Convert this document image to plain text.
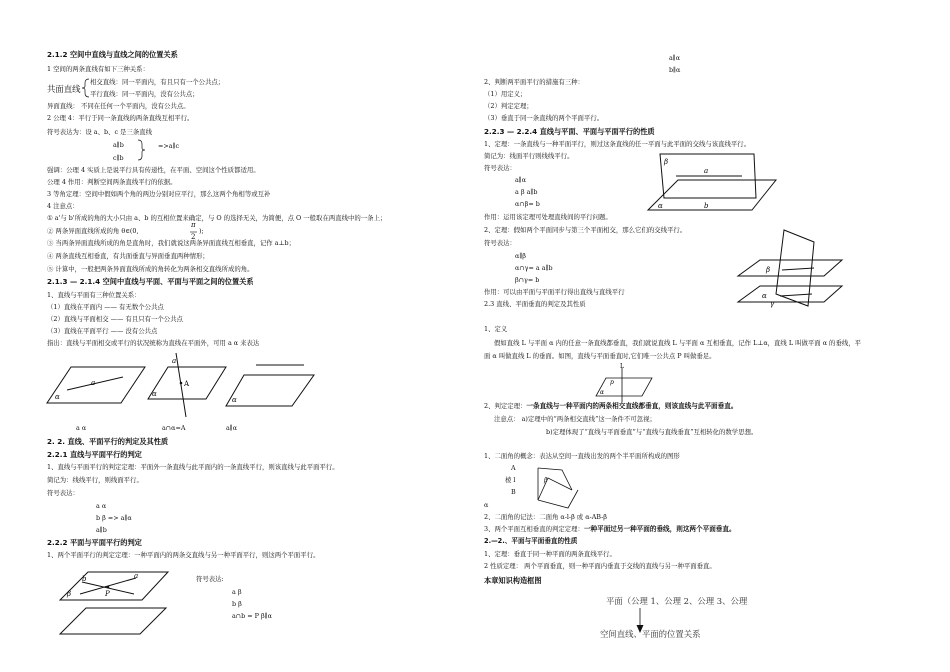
2.1.2 空间中直线与直线之间的位置关系
1 空间的两条直线有如下三种关系：
共面直线
相交直线：同一平面内，有且只有一个公共点；
平行直线：同一平面内，没有公共点；
异面直线： 不同在任何一个平面内，没有公共点。
2 公理 4：平行于同一条直线的两条直线互相平行。
符号表达为：设 a、b、c 是三条直线
a∥b
c∥b
=>a∥c
强调：公理 4 实质上是说平行具有传递性，在平面、空间这个性质都适用。
公理 4 作用：判断空间两条直线平行的依据。
3 等角定理：空间中假如两个角的两边分别对应平行，那么这两个角相等或互补
4 注意点：
① a'与 b'所成的角的大小只由 a、b 的互相位置来确定，与 O 的选择无关，为简便，点 O 一般取在两直线中的一条上；
② 两条异面直线所成的角 θ∈(0,
π
2
);
③ 当两条异面直线所成的角是直角时，我们就说这两条异面直线互相垂直，记作 a⊥b；
④ 两条直线互相垂直，有共面垂直与异面垂直两种情形；
⑤ 计算中，一般把两条异面直线所成的角转化为两条相交直线所成的角。
2.1.3 — 2.1.4 空间中直线与平面、平面与平面之间的位置关系
1、直线与平面有三种位置关系：
（1）直线在平面内 —— 有无数个公共点
（2）直线与平面相交 —— 有且只有一个公共点
（3）直线在平面平行 —— 没有公共点
指出：直线与平面相交或平行的状况统称为直线在平面外，可用 a α 来表达
a
α
a
A
α
α
a α	a∩α=A	a∥α
2. 2. 直线、平面平行的判定及其性质
2.2.1 直线与平面平行的判定
1、直线与平面平行的判定定理：平面外一条直线与此平面内的一条直线平行，则该直线与此平面平行。
简记为：线线平行，则线面平行。
符号表达：
a α
b β => a∥α
a∥b
2.2.2 平面与平面平行的判定
1、两个平面平行的判定定理：一种平面内的两条交直线与另一种平面平行，则这两个平面平行。
a
b
P
β
符号表达:
a β
b β
a∩b = P β∥α
a∥α
b∥α
2、判断两平面平行的措施有三种：
（1）用定义；
（2）判定定理；
（3）垂直于同一条直线的两个平面平行。
2.2.3 — 2.2.4 直线与平面、平面与平面平行的性质
1、定理：一条直线与一种平面平行，则过这条直线的任一平面与此平面的交线与该直线平行。
简记为：线面平行则线线平行。
符号表达：
a∥α
a β a∥b
α∩β= b
作用：运用该定理可处理直线间的平行问题。
2、定理：假如两个平面同步与第三个平面相交，那么它们的交线平行。
符号表达：
α∥β
α∩γ= a a∥b
β∩γ= b
作用：可以由平面与平面平行得出直线与直线平行
2.3 直线、平面垂直的判定及其性质
β
a
b
α
β
α
γ
1、定义
假如直线 L 与平面 α 内的任意一条直线都垂直，我们就说直线 L 与平面 α 互相垂直，记作 L⊥α，直线 L 叫做平面 α 的垂线，平
面 α 叫做直线 L 的垂面。如图，直线与平面垂直时,它们唯一公共点 P 叫做垂足。
L
p
α
2、判定定理：一条直线与一种平面内的两条相交直线都垂直，则该直线与此平面垂直。
注意点： a)定理中的“两条相交直线”这一条件不可忽视；
b)定理体现了“直线与平面垂直”与“直线与直线垂直”互相转化的数学思想。
1、二面角的概念：表达从空间一直线出发的两个半平面所构成的图形
β
A
棱 l
B
α
2、二面角的记法：二面角 α-l-β 或 α-AB-β
3、两个平面互相垂直的判定定理：一种平面过另一种平面的垂线，则这两个平面垂直。
2.—2.、平面与平面垂直的性质
1、定理：垂直于同一种平面的两条直线平行。
2 性质定理： 两个平面垂直，则一种平面内垂直于交线的直线与另一种平面垂直。
本章知识构造框图
平面（公理 1、公理 2、公理 3、公理
空间直线、平面的位置关系
